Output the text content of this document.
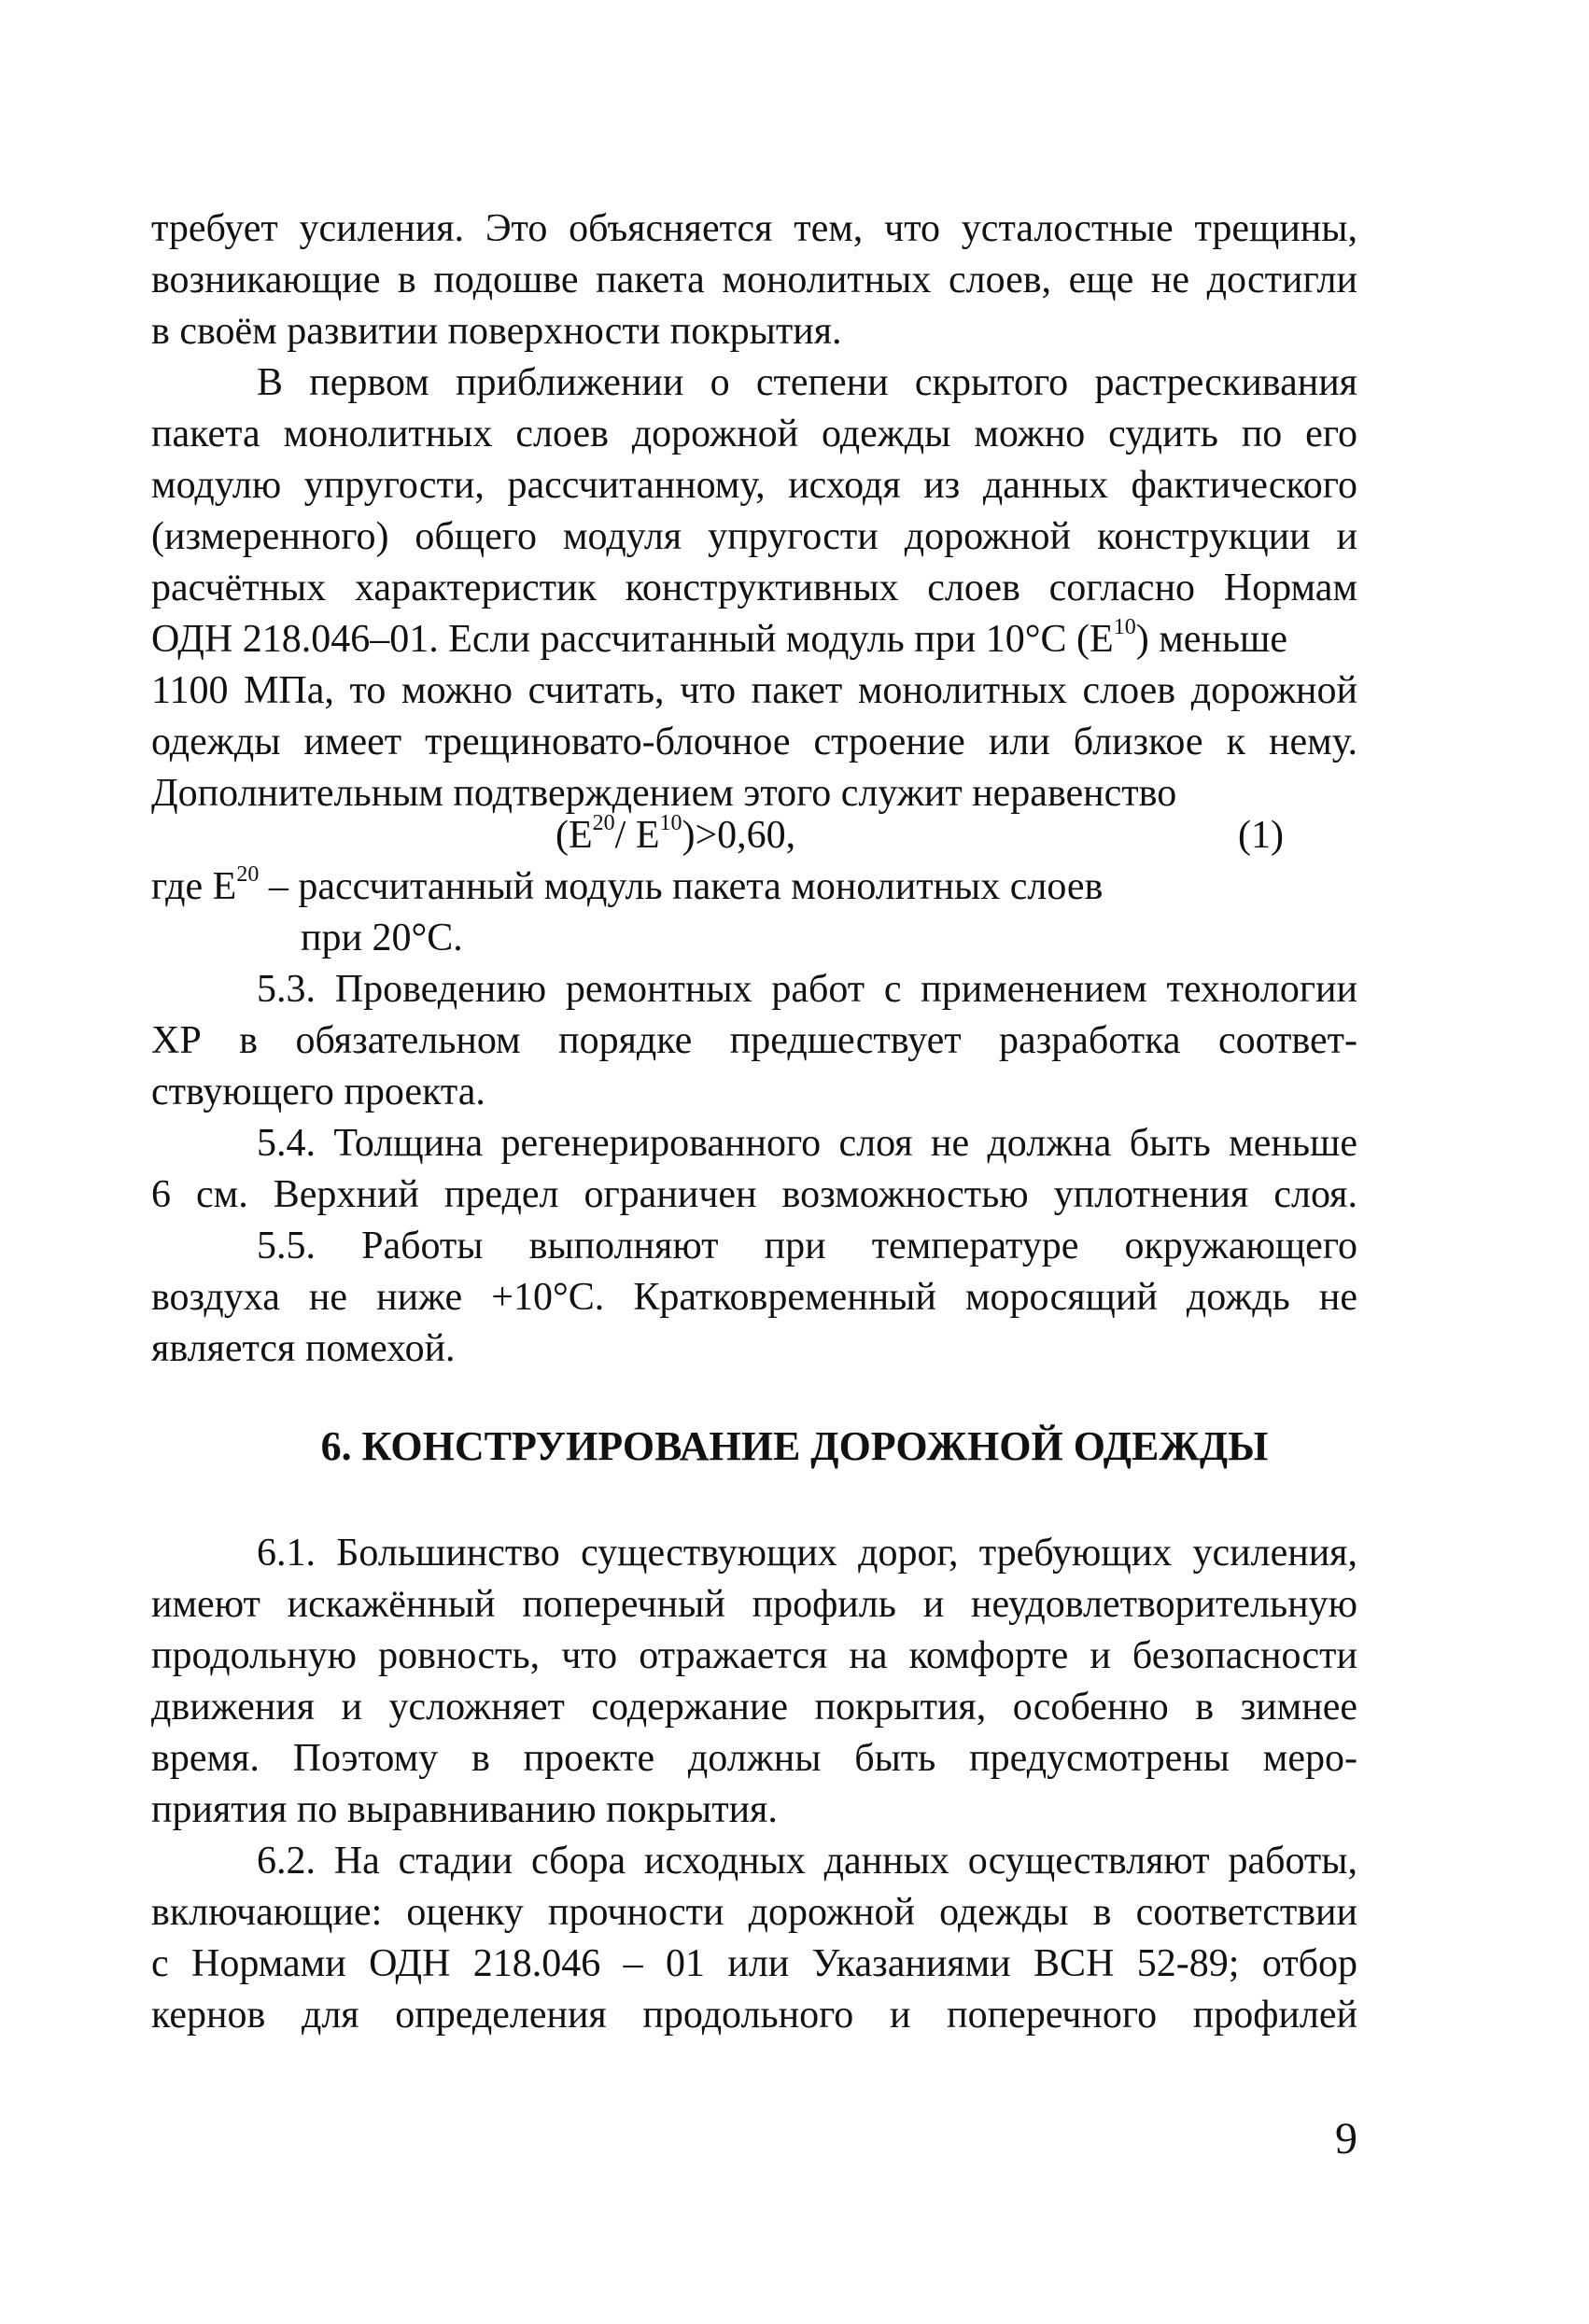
требует усиления. Это объясняется тем, что усталостные трещины,
возникающие в подошве пакета монолитных слоев, еще не достигли
в своём развитии поверхности покрытия.
В первом приближении о степени скрытого растрескивания
пакета монолитных слоев дорожной одежды можно судить по его
модулю упругости, рассчитанному, исходя из данных фактического
(измеренного) общего модуля упругости дорожной конструкции и
расчётных характеристик конструктивных слоев согласно Нормам
ОДН 218.046–01. Если рассчитанный модуль при 10°С $(Е^{10})$ меньше
1100 МПа, то можно считать, что пакет монолитных слоев дорожной
одежды имеет трещиновато-блочное строение или близкое к нему.
Дополнительным подтверждением этого служит неравенство
($Е^{20}/$ $Е^{10})>0,60$,	(1)
где $Е^{20}$ – рассчитанный модуль пакета монолитных слоев
при 20°С.
5.3. Проведению ремонтных работ с применением технологии
ХР в обязательном порядке предшествует разработка соответ-
ствующего проекта.
5.4. Толщина регенерированного слоя не должна быть меньше
6 см. Верхний предел ограничен возможностью уплотнения слоя.
5.5. Работы выполняют при температуре окружающего
воздуха не ниже +10°С. Кратковременный моросящий дождь не
является помехой.
6. КОНСТРУИРОВАНИЕ ДОРОЖНОЙ ОДЕЖДЫ
6.1. Большинство существующих дорог, требующих усиления,
имеют искажённый поперечный профиль и неудовлетворительную
продольную ровность, что отражается на комфорте и безопасности
движения и усложняет содержание покрытия, особенно в зимнее
время. Поэтому в проекте должны быть предусмотрены меро-
приятия по выравниванию покрытия.
6.2. На стадии сбора исходных данных осуществляют работы,
включающие: оценку прочности дорожной одежды в соответствии
с Нормами ОДН 218.046 – 01 или Указаниями ВСН 52-89; отбор
кернов для определения продольного и поперечного профилей
9
